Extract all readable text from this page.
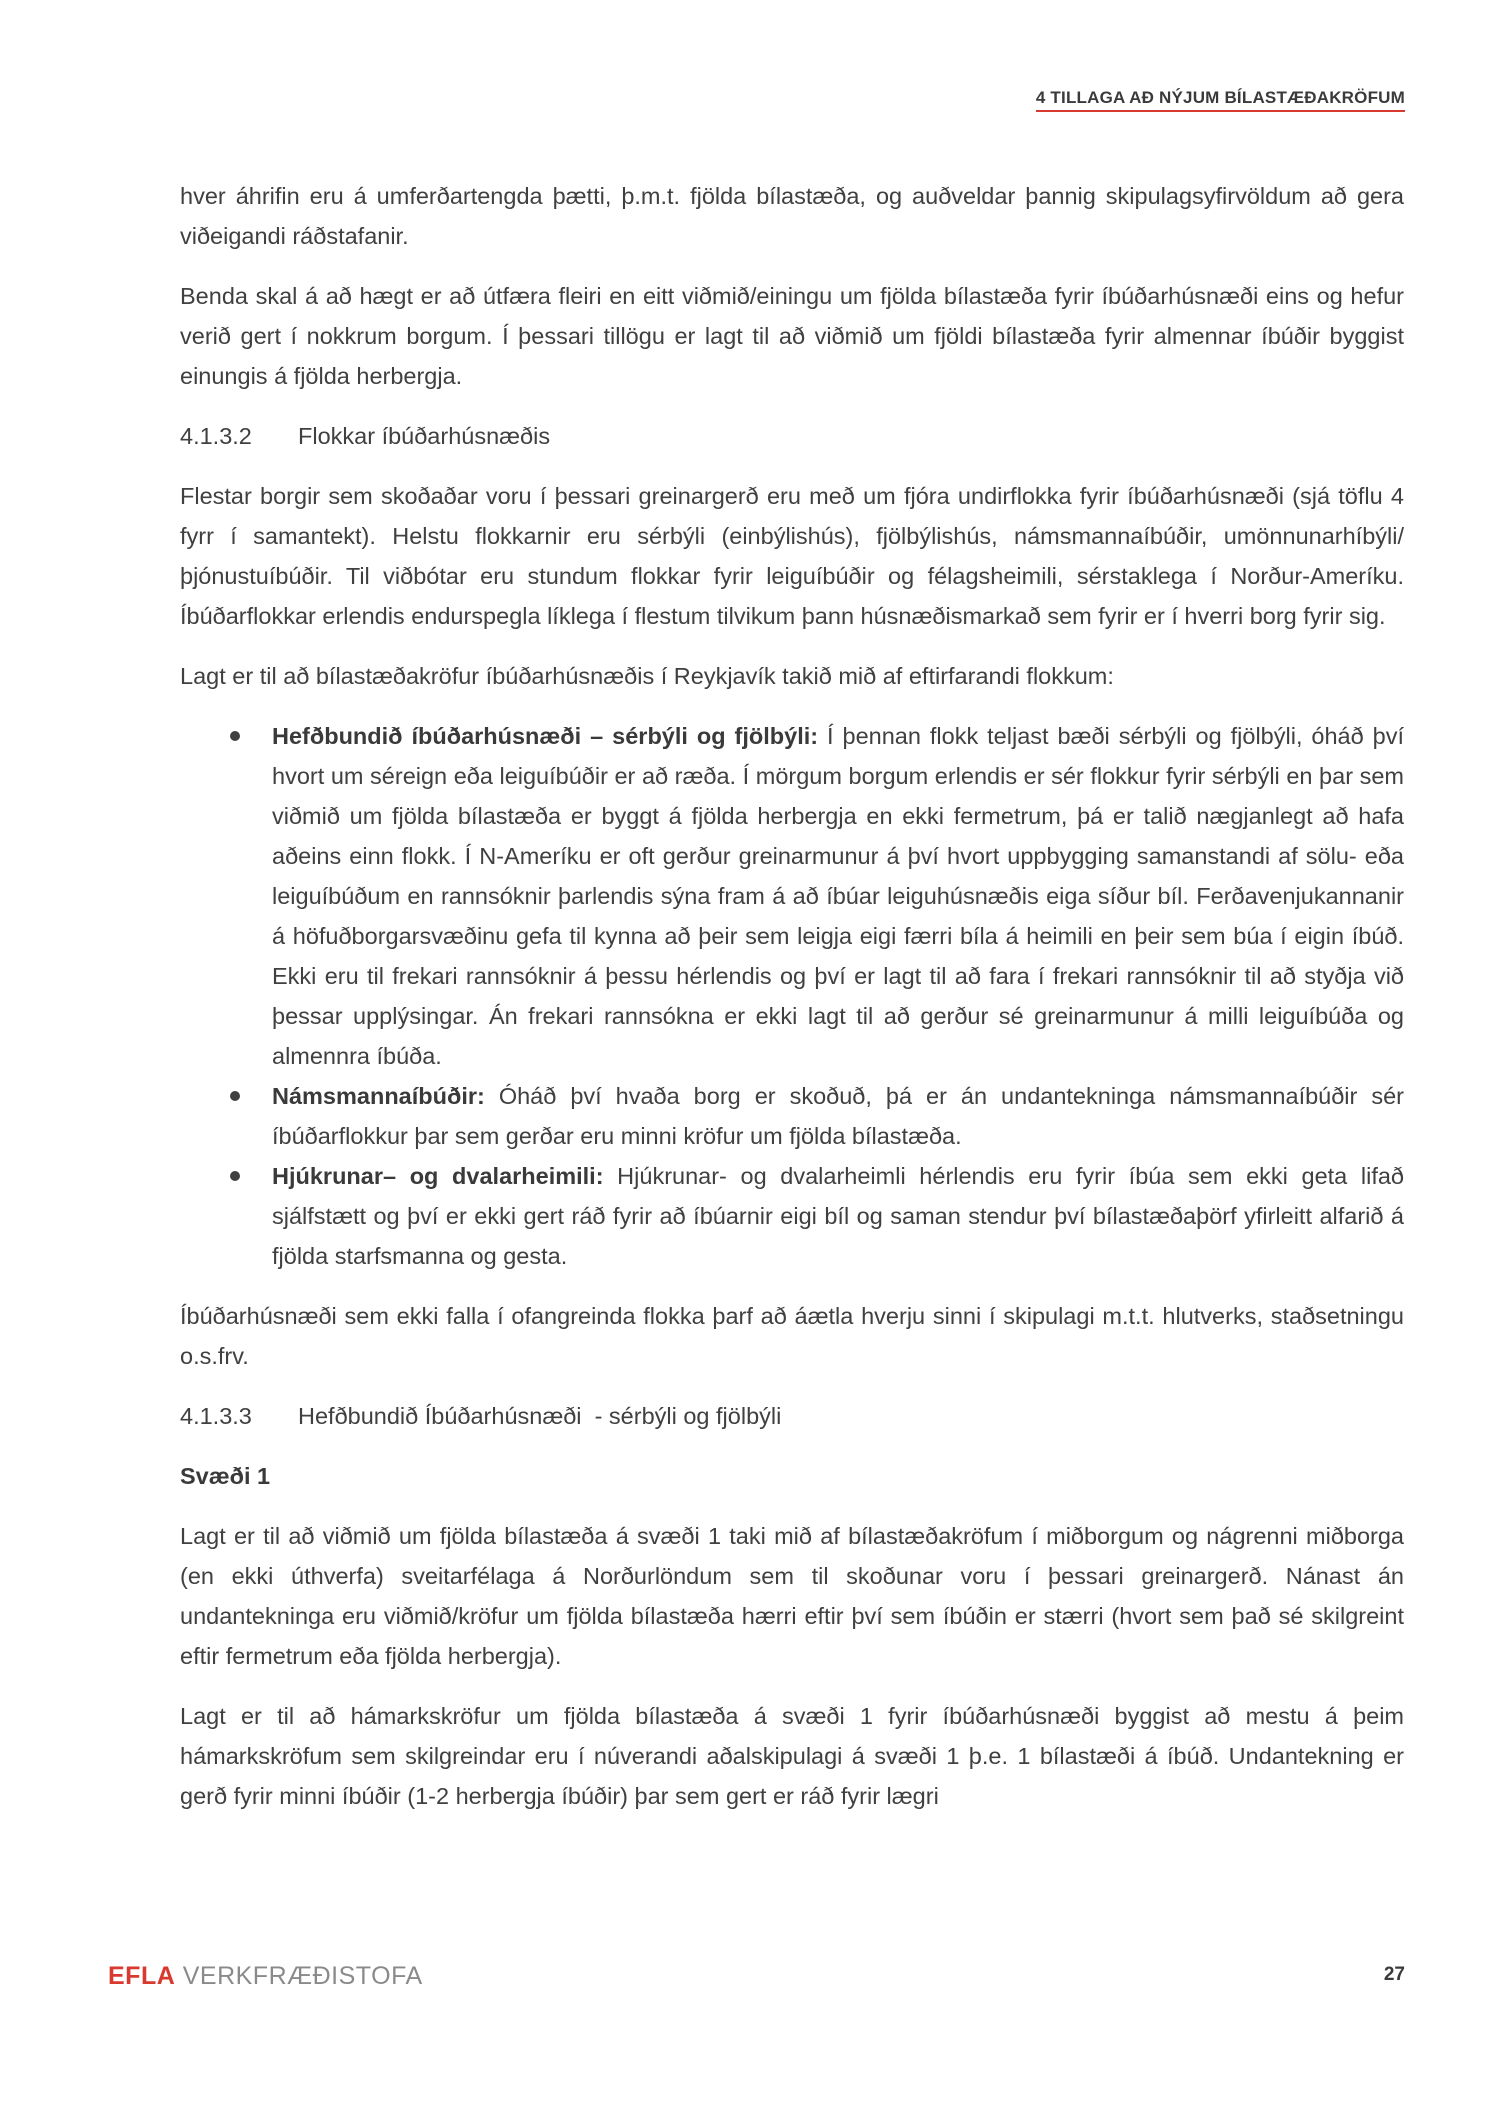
4 TILLAGA AÐ NÝJUM BÍLASTÆÐAKRÖFUM

hver áhrifin eru á umferðartengda þætti, þ.m.t. fjölda bílastæða, og auðveldar þannig skipulagsyfirvöldum að gera viðeigandi ráðstafanir.

Benda skal á að hægt er að útfæra fleiri en eitt viðmið/einingu um fjölda bílastæða fyrir íbúðarhúsnæði eins og hefur verið gert í nokkrum borgum. Í þessari tillögu er lagt til að viðmið um fjöldi bílastæða fyrir almennar íbúðir byggist einungis á fjölda herbergja.

4.1.3.2	Flokkar íbúðarhúsnæðis

Flestar borgir sem skoðaðar voru í þessari greinargerð eru með um fjóra undirflokka fyrir íbúðarhúsnæði (sjá töflu 4 fyrr í samantekt). Helstu flokkarnir eru sérbýli (einbýlishús), fjölbýlishús, námsmannaíbúðir, umönnunarhíbýli/þjónustuíbúðir. Til viðbótar eru stundum flokkar fyrir leiguíbúðir og félagsheimili, sérstaklega í Norður-Ameríku. Íbúðarflokkar erlendis endurspegla líklega í flestum tilvikum þann húsnæðismarkað sem fyrir er í hverri borg fyrir sig.

Lagt er til að bílastæðakröfur íbúðarhúsnæðis í Reykjavík takið mið af eftirfarandi flokkum:

Hefðbundið íbúðarhúsnæði – sérbýli og fjölbýli: Í þennan flokk teljast bæði sérbýli og fjölbýli, óháð því hvort um séreign eða leiguíbúðir er að ræða. Í mörgum borgum erlendis er sér flokkur fyrir sérbýli en þar sem viðmið um fjölda bílastæða er byggt á fjölda herbergja en ekki fermetrum, þá er talið nægjanlegt að hafa aðeins einn flokk. Í N-Ameríku er oft gerður greinarmunur á því hvort uppbygging samanstandi af sölu- eða leiguíbúðum en rannsóknir þarlendis sýna fram á að íbúar leiguhúsnæðis eiga síður bíl. Ferðavenjukannanir á höfuðborgarsvæðinu gefa til kynna að þeir sem leigja eigi færri bíla á heimili en þeir sem búa í eigin íbúð. Ekki eru til frekari rannsóknir á þessu hérlendis og því er lagt til að fara í frekari rannsóknir til að styðja við þessar upplýsingar. Án frekari rannsókna er ekki lagt til að gerður sé greinarmunur á milli leiguíbúða og almennra íbúða.
Námsmannaíbúðir: Óháð því hvaða borg er skoðuð, þá er án undantekninga námsmannaíbúðir sér íbúðarflokkur þar sem gerðar eru minni kröfur um fjölda bílastæða.
Hjúkrunar– og dvalarheimili: Hjúkrunar- og dvalarheimli hérlendis eru fyrir íbúa sem ekki geta lifað sjálfstætt og því er ekki gert ráð fyrir að íbúarnir eigi bíl og saman stendur því bílastæðaþörf yfirleitt alfarið á fjölda starfsmanna og gesta.

Íbúðarhúsnæði sem ekki falla í ofangreinda flokka þarf að áætla hverju sinni í skipulagi m.t.t. hlutverks, staðsetningu o.s.frv.

4.1.3.3	Hefðbundið Íbúðarhúsnæði  - sérbýli og fjölbýli
Svæði 1

Lagt er til að viðmið um fjölda bílastæða á svæði 1 taki mið af bílastæðakröfum í miðborgum og nágrenni miðborga (en ekki úthverfa) sveitarfélaga á Norðurlöndum sem til skoðunar voru í þessari greinargerð. Nánast án undantekninga eru viðmið/kröfur um fjölda bílastæða hærri eftir því sem íbúðin er stærri (hvort sem það sé skilgreint eftir fermetrum eða fjölda herbergja).

Lagt er til að hámarkskröfur um fjölda bílastæða á svæði 1 fyrir íbúðarhúsnæði byggist að mestu á þeim hámarkskröfum sem skilgreindar eru í núverandi aðalskipulagi á svæði 1 þ.e. 1 bílastæði á íbúð. Undantekning er gerð fyrir minni íbúðir (1-2 herbergja íbúðir) þar sem gert er ráð fyrir lægri

EFLA VERKFRÆÐISTOFA	27
